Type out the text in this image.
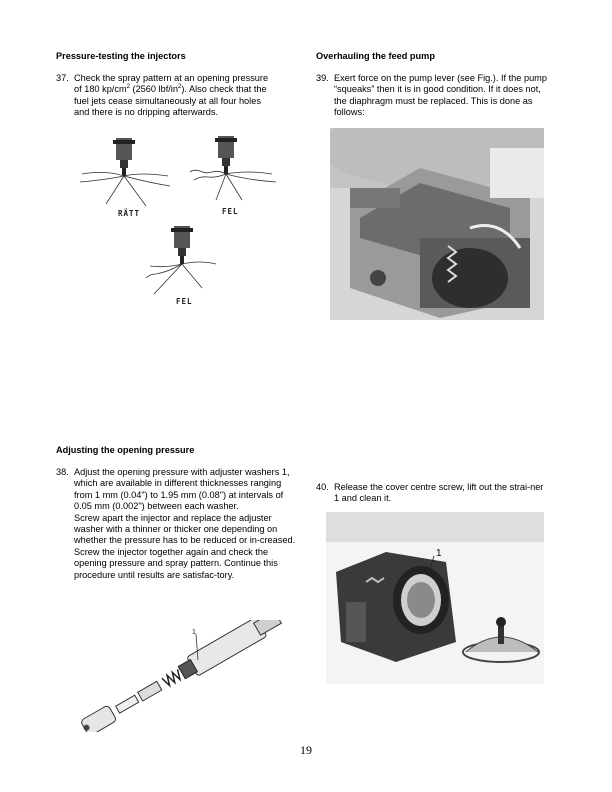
Pressure-testing the injectors
37. Check the spray pattern at an opening pressure
of 180 $kp/cm^2$ (2560 lbf/$in^2$). Also check that the
fuel jets cease simultaneously at all four holes
and there is no dripping afterwards.
RÄTT	FEL
FEL
Adjusting the opening pressure
38. Adjust the opening pressure with adjuster washers 1, which are available in different thicknesses ranging from 1 mm (0.04") to 1.95 mm (0.08") at intervals of 0.05 mm (0.002") between each washer.

Screw apart the injector and replace the adjuster washer with a thinner or thicker one depending on whether the pressure has to be reduced or in-creased. Screw the injector together again and check the opening pressure and spray pattern. Continue this procedure until results are satisfac-tory.

1
Overhauling the feed pump
39. Exert force on the pump lever (see Fig.). If the pump “squeaks” then it is in good condition. If it does not, the diaphragm must be replaced. This is done as follows:
40. Release the cover centre screw, lift out the strai-ner 1 and clean it.
1
19
